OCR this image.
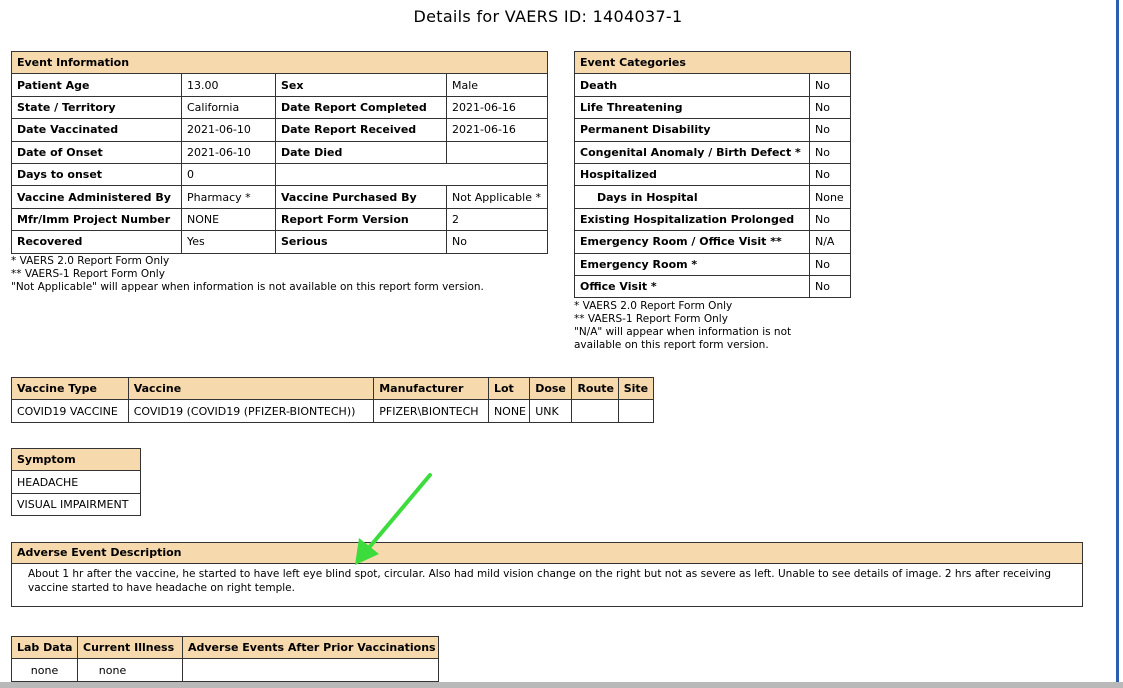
Details for VAERS ID: 1404037-1
Event Information			
Patient Age	13.00	Sex	Male
State / Territory	California	Date Report Completed	2021-06-16
Date Vaccinated	2021-06-10	Date Report Received	2021-06-16
Date of Onset	2021-06-10	Date Died	
Days to onset	0		
Vaccine Administered By	Pharmacy *	Vaccine Purchased By	Not Applicable *
Mfr/Imm Project Number	NONE	Report Form Version	2
Recovered	Yes	Serious	No
* VAERS 2.0 Report Form Only
** VAERS-1 Report Form Only
"Not Applicable" will appear when information is not available on this report form version.
Event Categories	
Death	No
Life Threatening	No
Permanent Disability	No
Congenital Anomaly / Birth Defect *	No
Hospitalized	No
Days in Hospital	None
Existing Hospitalization Prolonged	No
Emergency Room / Office Visit **	N/A
Emergency Room *	No
Office Visit *	No
* VAERS 2.0 Report Form Only
** VAERS-1 Report Form Only
"N/A" will appear when information is not
available on this report form version.
Vaccine Type	Vaccine	Manufacturer	Lot	Dose	Route	Site
COVID19 VACCINE	COVID19 (COVID19 (PFIZER-BIONTECH))	PFIZER\BIONTECH	NONE	UNK		
Symptom
HEADACHE
VISUAL IMPAIRMENT
Adverse Event Description
About 1 hr after the vaccine, he started to have left eye blind spot, circular. Also had mild vision change on the right but not as severe as left. Unable to see details of image. 2 hrs after receiving vaccine started to have headache on right temple.
Lab Data	Current Illness	Adverse Events After Prior Vaccinations
none	none	
